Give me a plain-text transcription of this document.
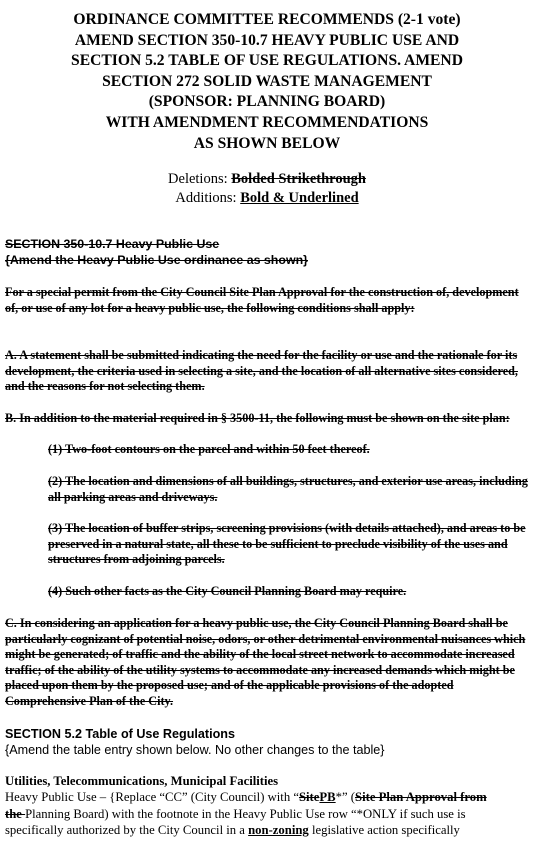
ORDINANCE COMMITTEE RECOMMENDS (2-1 vote)
AMEND SECTION 350-10.7 HEAVY PUBLIC USE AND
SECTION 5.2 TABLE OF USE REGULATIONS. AMEND
SECTION 272 SOLID WASTE MANAGEMENT
(SPONSOR: PLANNING BOARD)
WITH AMENDMENT RECOMMENDATIONS
AS SHOWN BELOW
Deletions: Bolded Strikethrough
Additions: Bold & Underlined
SECTION 350-10.7 Heavy Public Use
{Amend the Heavy Public Use ordinance as shown}
For a special permit from the City Council Site Plan Approval for the construction of, development of, or use of any lot for a heavy public use, the following conditions shall apply:
A. A statement shall be submitted indicating the need for the facility or use and the rationale for its development, the criteria used in selecting a site, and the location of all alternative sites considered, and the reasons for not selecting them.
B. In addition to the material required in § 3500-11, the following must be shown on the site plan:
(1) Two-foot contours on the parcel and within 50 feet thereof.
(2) The location and dimensions of all buildings, structures, and exterior use areas, including all parking areas and driveways.
(3) The location of buffer strips, screening provisions (with details attached), and areas to be preserved in a natural state, all these to be sufficient to preclude visibility of the uses and structures from adjoining parcels.
(4) Such other facts as the City Council Planning Board may require.
C. In considering an application for a heavy public use, the City Council Planning Board shall be particularly cognizant of potential noise, odors, or other detrimental environmental nuisances which might be generated; of traffic and the ability of the local street network to accommodate increased traffic; of the ability of the utility systems to accommodate any increased demands which might be placed upon them by the proposed use; and of the applicable provisions of the adopted Comprehensive Plan of the City.
SECTION 5.2 Table of Use Regulations
{Amend the table entry shown below. No other changes to the table}
Utilities, Telecommunications, Municipal Facilities
Heavy Public Use – {Replace “CC” (City Council) with “SitePB*” (Site Plan Approval from
the Planning Board) with the footnote in the Heavy Public Use row “*ONLY if such use is
specifically authorized by the City Council in a non-zoning legislative action specifically
